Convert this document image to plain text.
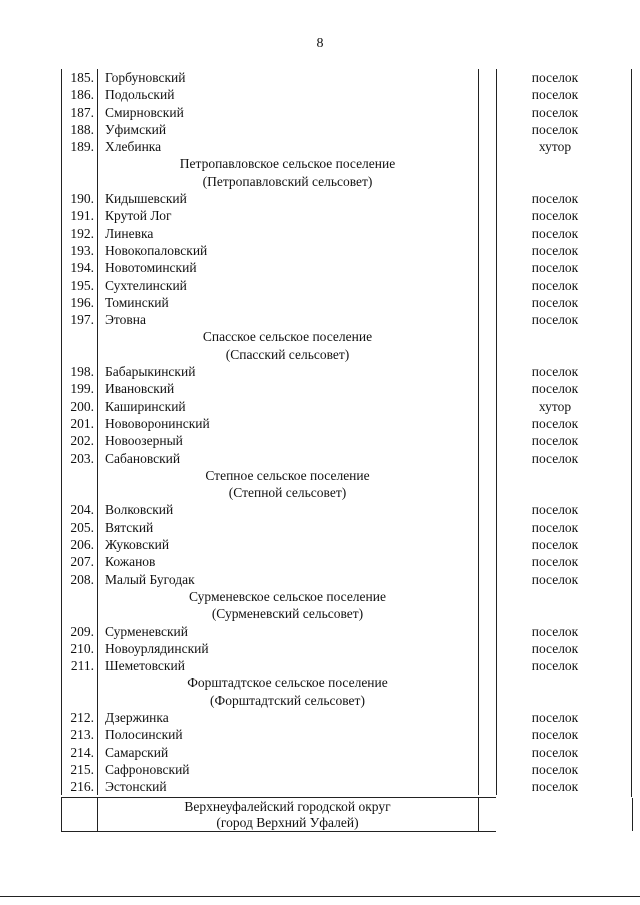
8
185. Горбуновский	поселок
186. Подольский	поселок
187. Смирновский	поселок
188. Уфимский	поселок
189. Хлебинка	хутор
Петропавловское сельское поселение
(Петропавловский сельсовет)
190. Кидышевский	поселок
191. Крутой Лог	поселок
192. Линевка	поселок
193. Новокопаловский	поселок
194. Новотоминский	поселок
195. Сухтелинский	поселок
196. Томинский	поселок
197. Этовна	поселок
Спасское сельское поселение
(Спасский сельсовет)
198. Бабарыкинский	поселок
199. Ивановский	поселок
200. Каширинский	хутор
201. Нововоронинский	поселок
202. Новоозерный	поселок
203. Сабановский	поселок
Степное сельское поселение
(Степной сельсовет)
204. Волковский	поселок
205. Вятский	поселок
206. Жуковский	поселок
207. Кожанов	поселок
208. Малый Бугодак	поселок
Сурменевское сельское поселение
(Сурменевский сельсовет)
209. Сурменевский	поселок
210. Новоурлядинский	поселок
211. Шеметовский	поселок
Форштадтское сельское поселение
(Форштадтский сельсовет)
212. Дзержинка	поселок
213. Полосинский	поселок
214. Самарский	поселок
215. Сафроновский	поселок
216. Эстонский	поселок
Верхнеуфалейский городской округ
(город Верхний Уфалей)
